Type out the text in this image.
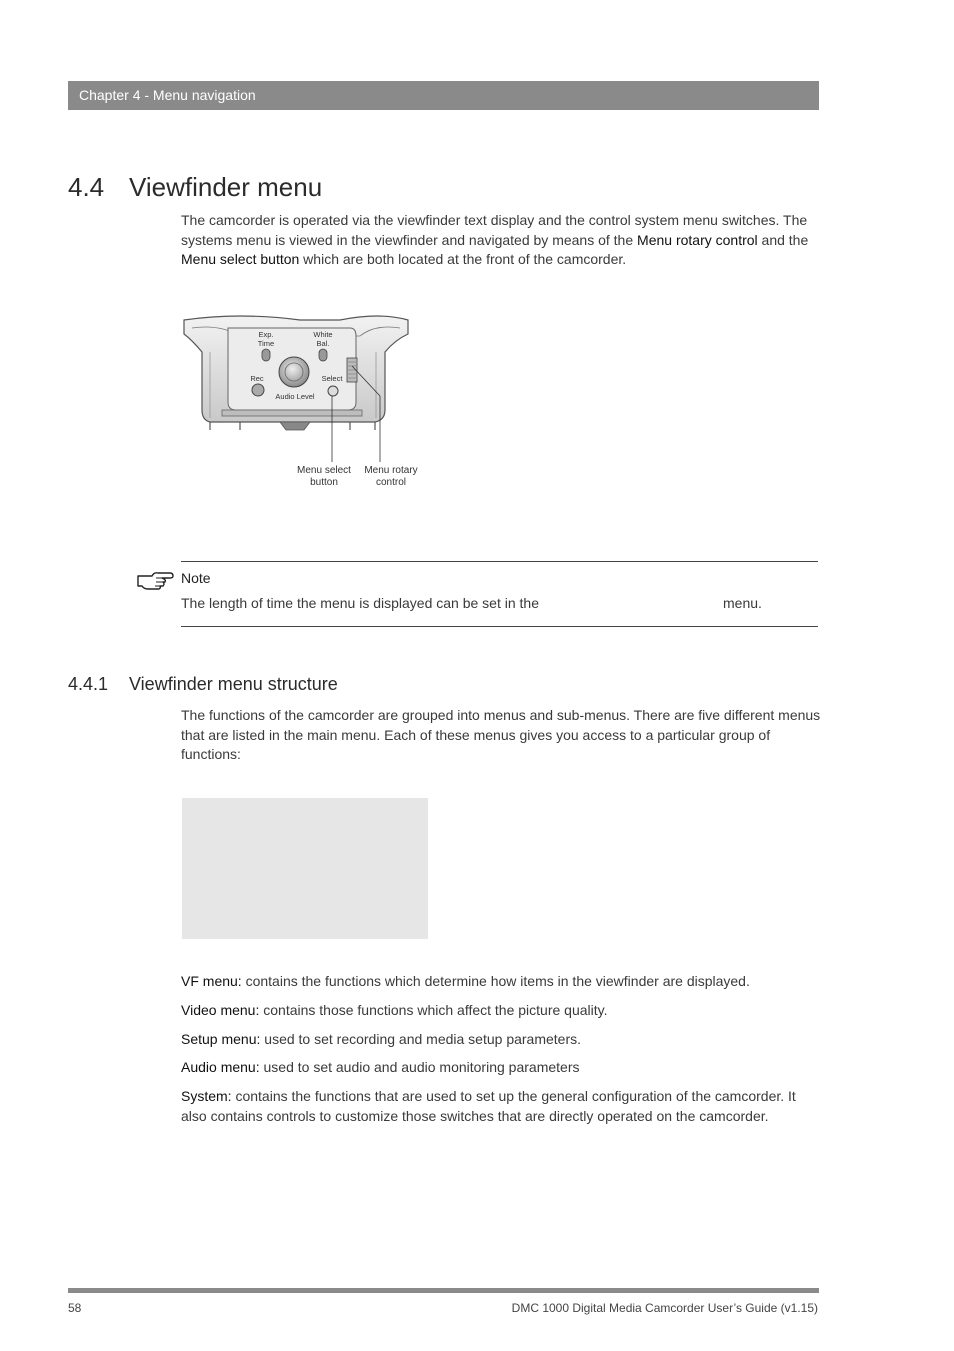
Chapter 4 - Menu navigation
4.4 Viewfinder menu
The camcorder is operated via the viewfinder text display and the control system menu switches. The systems menu is viewed in the viewfinder and navigated by means of the Menu rotary control and the Menu select button which are both located at the front of the camcorder.
Exp.
Time
White
Bal.
Rec	Select
Audio Level
Menu select
button
Menu rotary
control
Note
The length of time the menu is displayed can be set in the	menu.
4.4.1 Viewfinder menu structure
The functions of the camcorder are grouped into menus and sub-menus. There are five different menus that are listed in the main menu. Each of these menus gives you access to a particular group of functions:
VF menu: contains the functions which determine how items in the viewfinder are displayed.
Video menu: contains those functions which affect the picture quality.
Setup menu: used to set recording and media setup parameters.
Audio menu: used to set audio and audio monitoring parameters
System: contains the functions that are used to set up the general configuration of the camcorder. It also contains controls to customize those switches that are directly operated on the camcorder.
58	DMC 1000 Digital Media Camcorder User’s Guide (v1.15)
